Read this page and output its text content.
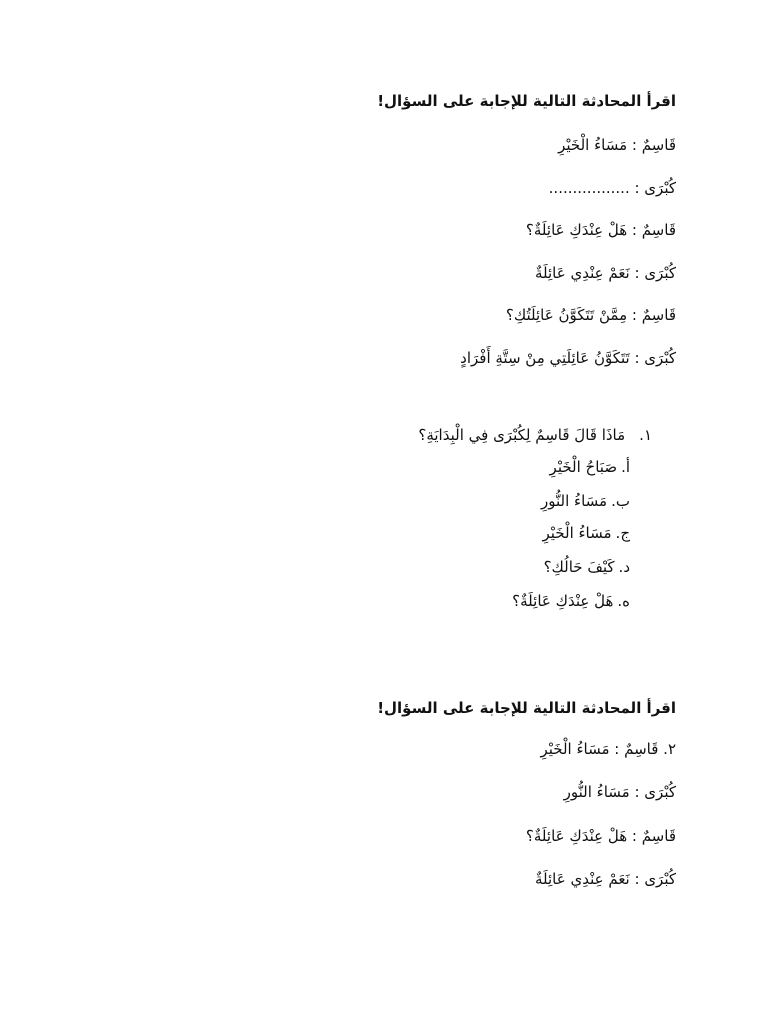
اقرأ المحادثة التالية للإجابة على السؤال!
قَاسِمٌ : مَسَاءُ الْخَيْرِ
كُبْرَى : .................
قَاسِمٌ : هَلْ عِنْدَكِ عَائِلَةٌ؟
كُبْرَى : نَعَمْ عِنْدِي عَائِلَةٌ
قَاسِمٌ : مِمَّنْ تَتَكَوَّنُ عَائِلَتُكِ؟
كُبْرَى : تَتَكَوَّنُ عَائِلَتِي مِنْ سِتَّةِ أَفْرَادٍ
١.
مَاذَا قَالَ قَاسِمٌ لِكُبْرَى فِي الْبِدَايَةِ؟
أ.
صَبَاحُ الْخَيْرِ
ب.
مَسَاءُ النُّورِ
ج.
مَسَاءُ الْخَيْرِ
د.
كَيْفَ حَالُكِ؟
ه.
هَلْ عِنْدَكِ عَائِلَةٌ؟
اقرأ المحادثة التالية للإجابة على السؤال!
٢. قَاسِمٌ : مَسَاءُ الْخَيْرِ
كُبْرَى : مَسَاءُ النُّورِ
قَاسِمٌ : هَلْ عِنْدَكِ عَائِلَةٌ؟
كُبْرَى : نَعَمْ عِنْدِي عَائِلَةٌ
